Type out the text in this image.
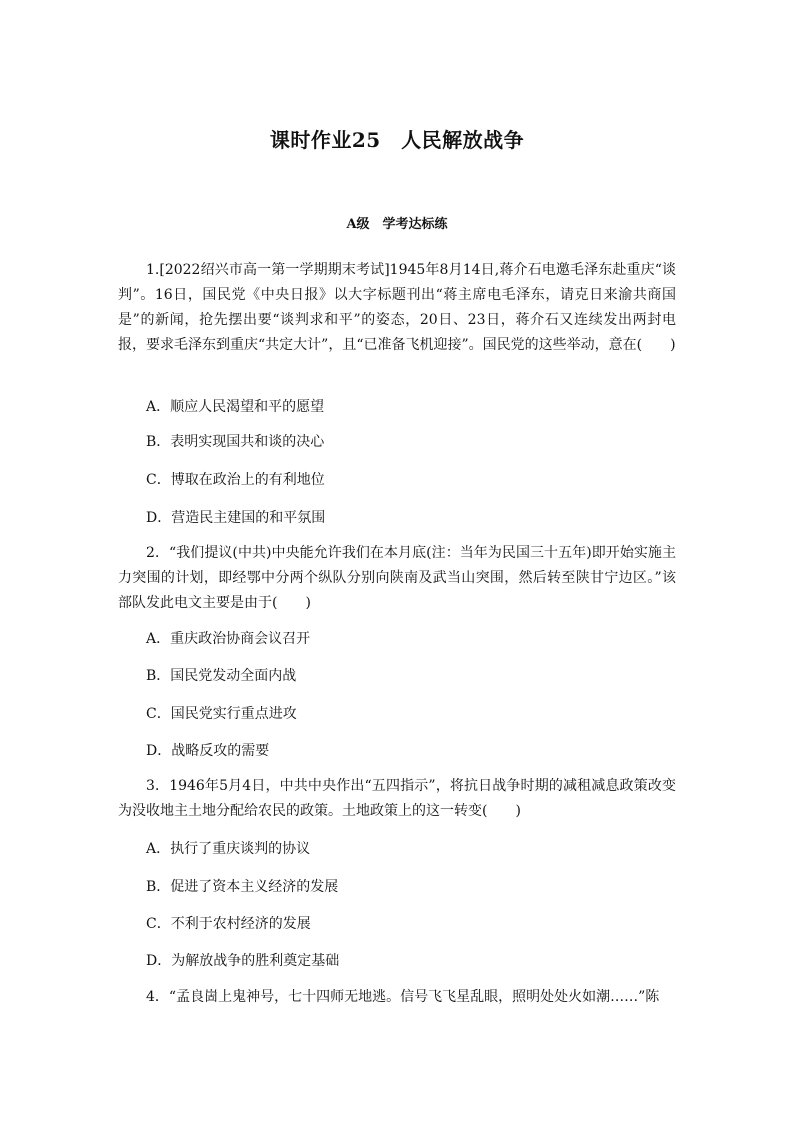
课时作业25　人民解放战争
A级　学考达标练

1.[2022绍兴市高一第一学期期末考试]1945年8月14日,蒋介石电邀毛泽东赴重庆“谈判”。16日，国民党《中央日报》以大字标题刊出“蒋主席电毛泽东，请克日来渝共商国是”的新闻，抢先摆出要“谈判求和平”的姿态，20日、23日，蒋介石又连续发出两封电报，要求毛泽东到重庆“共定大计”，且“已准备飞机迎接”。国民党的这些举动，意在(　　)

A．顺应人民渴望和平的愿望
B．表明实现国共和谈的决心
C．博取在政治上的有利地位
D．营造民主建国的和平氛围

2．“我们提议(中共)中央能允许我们在本月底(注：当年为民国三十五年)即开始实施主力突围的计划，即经鄂中分两个纵队分别向陕南及武当山突围，然后转至陕甘宁边区。”该部队发此电文主要是由于(　　)

A．重庆政治协商会议召开
B．国民党发动全面内战
C．国民党实行重点进攻
D．战略反攻的需要

3．1946年5月4日，中共中央作出“五四指示”，将抗日战争时期的减租减息政策改变为没收地主土地分配给农民的政策。土地政策上的这一转变(　　)

A．执行了重庆谈判的协议
B．促进了资本主义经济的发展
C．不利于农村经济的发展
D．为解放战争的胜利奠定基础

4．“孟良崮上鬼神号，七十四师无地逃。信号飞飞星乱眼，照明处处火如潮……”陈
